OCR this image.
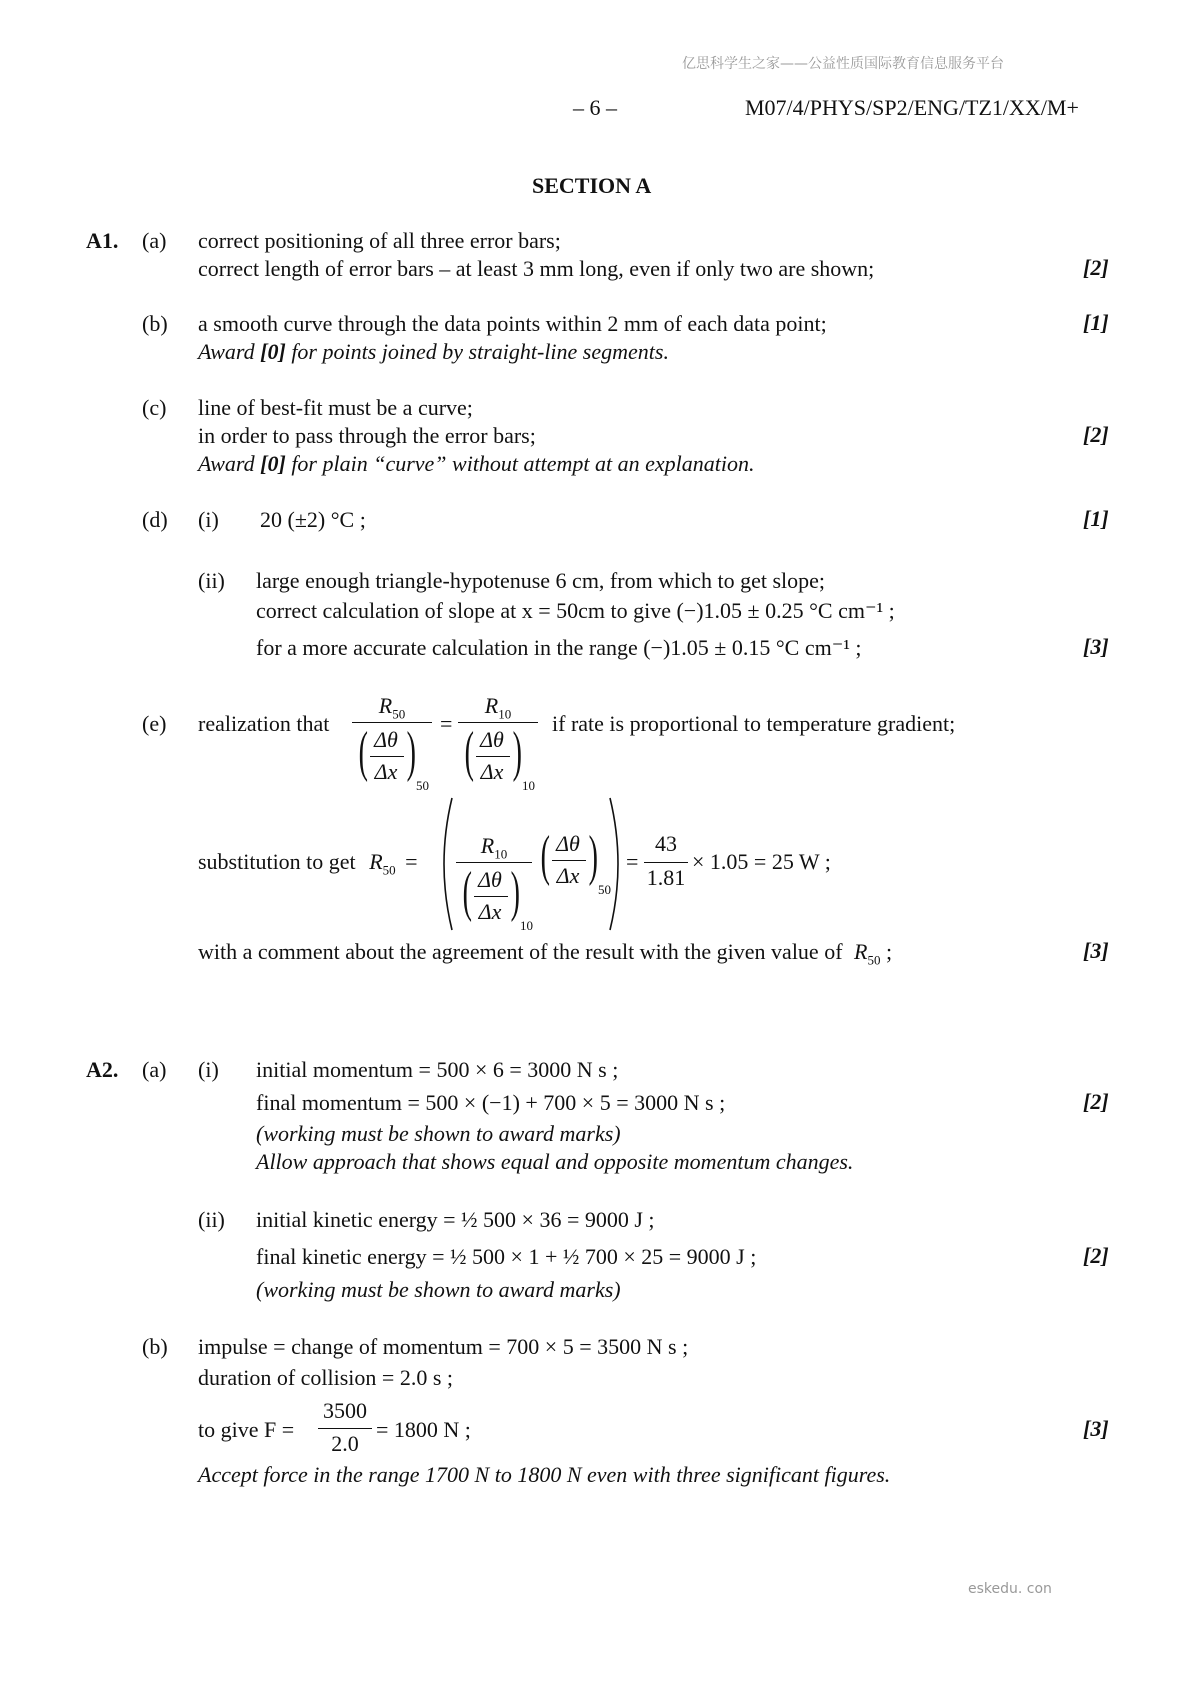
亿思科学生之家——公益性质国际教育信息服务平台
– 6 –	M07/4/PHYS/SP2/ENG/TZ1/XX/M+
SECTION A
A1. (a) correct positioning of all three error bars;
correct length of error bars – at least 3 mm long, even if only two are shown;	[2]
(b) a smooth curve through the data points within 2 mm of each data point;	[1]
Award [0] for points joined by straight-line segments.
(c) line of best-fit must be a curve;
in order to pass through the error bars;	[2]
Award [0] for plain “curve” without attempt at an explanation.
(d) (i) 20 (±2) °C ;	[1]
(ii) large enough triangle-hypotenuse 6 cm, from which to get slope;
correct calculation of slope at x = 50cm to give (−)1.05 ± 0.25 °C cm⁻¹ ;
for a more accurate calculation in the range (−)1.05 ± 0.15 °C cm⁻¹ ;	[3]
(e) realization that
$R_{50}$
( Δθ
Δx )
50
=
$R_{10}$
( Δθ
Δx )
10
if rate is proportional to temperature gradient;
substitution to get $R_{50}$ =
$R_{10}$
( Δθ
Δx )
10
( Δθ
Δx )
50
=
43
1.81
× 1.05 = 25 W ;
with a comment about the agreement of the result with the given value of $R_{50}$ ;	[3]
A2. (a) (i) initial momentum = 500 × 6 = 3000 N s ;
final momentum = 500 × (−1) + 700 × 5 = 3000 N s ;	[2]
(working must be shown to award marks)
Allow approach that shows equal and opposite momentum changes.
(ii) initial kinetic energy = ½ 500 × 36 = 9000 J ;
final kinetic energy = ½ 500 × 1 + ½ 700 × 25 = 9000 J ;	[2]
(working must be shown to award marks)
(b) impulse = change of momentum = 700 × 5 = 3500 N s ;
duration of collision = 2.0 s ;
to give F =
3500
2.0
= 1800 N ;	[3]
Accept force in the range 1700 N to 1800 N even with three significant figures.
eskedu. con
